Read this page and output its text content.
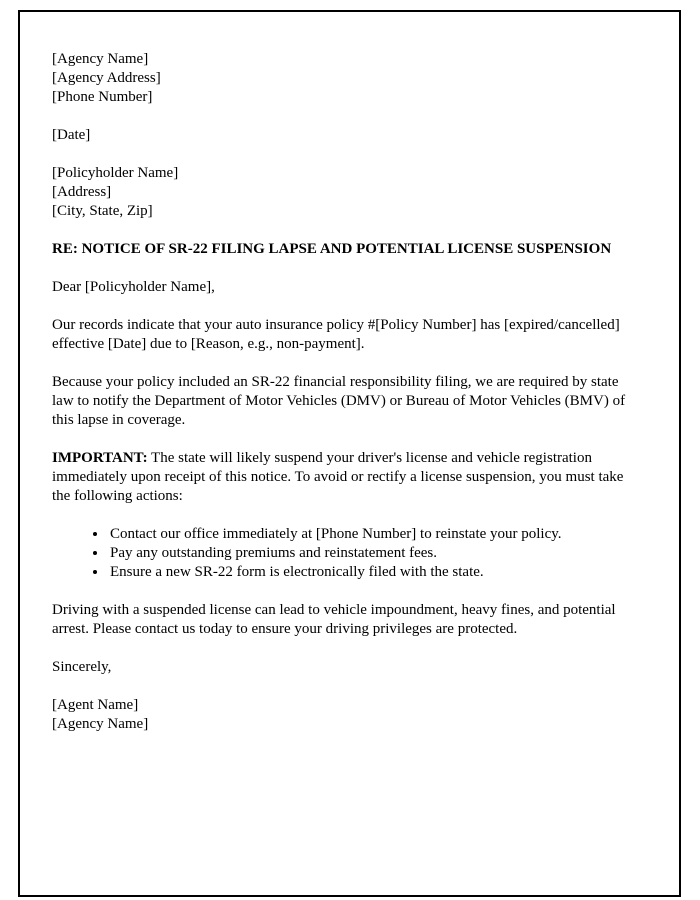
[Agency Name]
[Agency Address]
[Phone Number]
[Date]
[Policyholder Name]
[Address]
[City, State, Zip]
RE: NOTICE OF SR-22 FILING LAPSE AND POTENTIAL LICENSE SUSPENSION
Dear [Policyholder Name],
Our records indicate that your auto insurance policy #[Policy Number] has [expired/cancelled] effective [Date] due to [Reason, e.g., non-payment].
Because your policy included an SR-22 financial responsibility filing, we are required by state law to notify the Department of Motor Vehicles (DMV) or Bureau of Motor Vehicles (BMV) of this lapse in coverage.
IMPORTANT: The state will likely suspend your driver's license and vehicle registration immediately upon receipt of this notice. To avoid or rectify a license suspension, you must take the following actions:
• Contact our office immediately at [Phone Number] to reinstate your policy.
• Pay any outstanding premiums and reinstatement fees.
• Ensure a new SR-22 form is electronically filed with the state.
Driving with a suspended license can lead to vehicle impoundment, heavy fines, and potential arrest. Please contact us today to ensure your driving privileges are protected.
Sincerely,
[Agent Name]
[Agency Name]
